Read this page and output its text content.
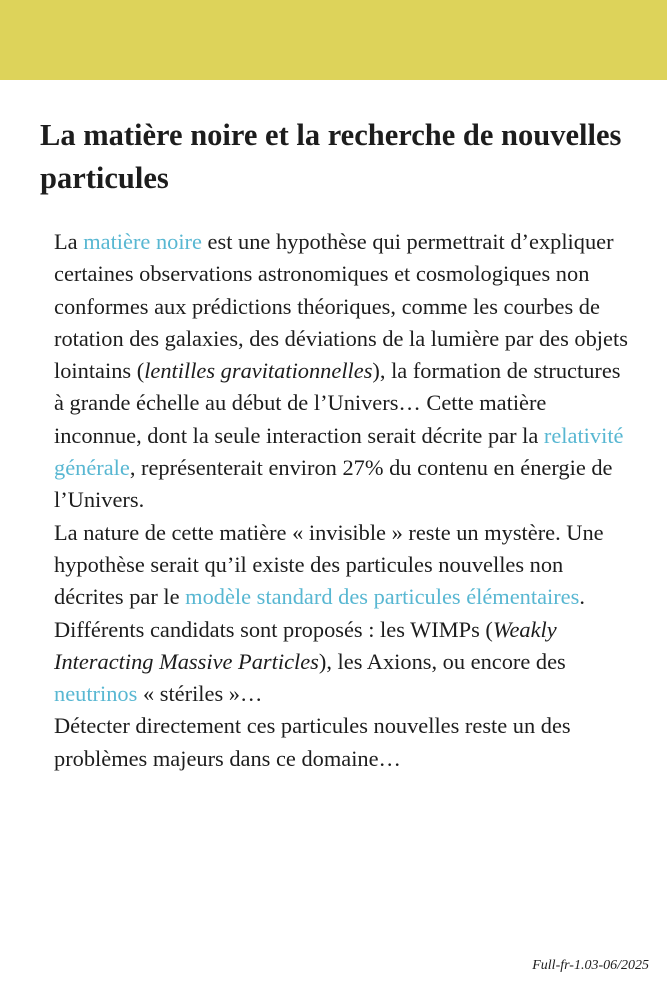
La matière noire et la recherche de nouvelles particules

La matière noire est une hypothèse qui permettrait d’expliquer certaines observations astronomiques et cosmologiques non conformes aux prédictions théoriques, comme les courbes de rotation des galaxies, des déviations de la lumière par des objets lointains (lentilles gravitationnelles), la formation de structures à grande échelle au début de l’Univers… Cette matière inconnue, dont la seule interaction serait décrite par la relativité générale, représenterait environ 27% du contenu en énergie de l’Univers.

La nature de cette matière « invisible » reste un mystère. Une hypothèse serait qu’il existe des particules nouvelles non décrites par le modèle standard des particules élémentaires. Différents candidats sont proposés : les WIMPs (Weakly Interacting Massive Particles), les Axions, ou encore des neutrinos « stériles »…

Détecter directement ces particules nouvelles reste un des problèmes majeurs dans ce domaine…

Full-fr-1.03-06/2025
